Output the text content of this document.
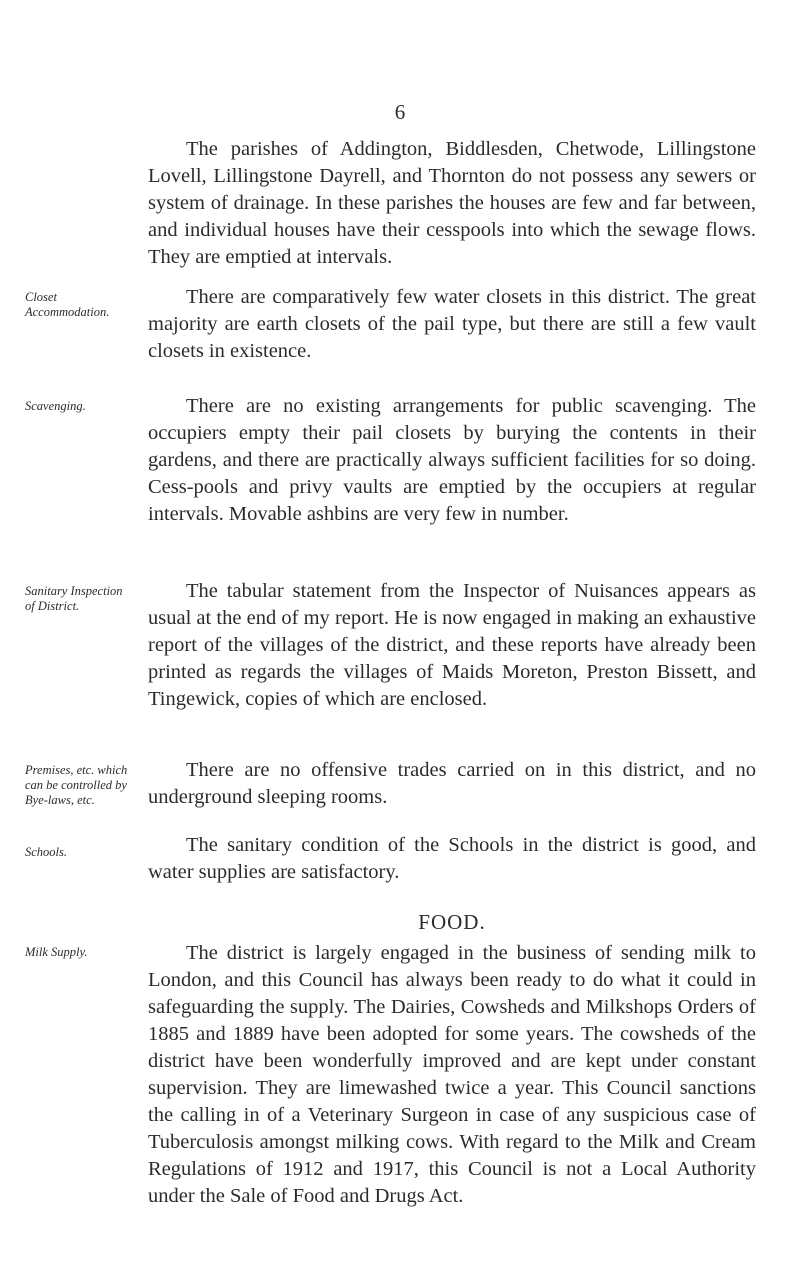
6

The parishes of Addington, Biddlesden, Chetwode, Lillingstone Lovell, Lillingstone Dayrell, and Thornton do not possess any sewers or system of drainage. In these parishes the houses are few and far between, and individual houses have their cesspools into which the sewage flows. They are emptied at intervals.

Closet Accommodation.

There are comparatively few water closets in this district. The great majority are earth closets of the pail type, but there are still a few vault closets in existence.

Scavenging.	There are no existing arrangements for public scavenging. The occupiers empty their pail closets by burying the contents in their gardens, and there are practically always sufficient facilities for so doing. Cess-pools and privy vaults are emptied by the occupiers at regular intervals. Movable ashbins are very few in number.

Sanitary Inspection of District.

The tabular statement from the Inspector of Nuisances appears as usual at the end of my report. He is now engaged in making an exhaustive report of the villages of the district, and these reports have already been printed as regards the villages of Maids Moreton, Preston Bissett, and Tingewick, copies of which are enclosed.

Premises, etc. which can be controlled by Bye-laws, etc.

There are no offensive trades carried on in this district, and no underground sleeping rooms.

Schools.	The sanitary condition of the Schools in the district is good, and water supplies are satisfactory.

FOOD.
Milk Supply.	The district is largely engaged in the business of sending milk to London, and this Council has always been ready to do what it could in safeguarding the supply. The Dairies, Cowsheds and Milkshops Orders of 1885 and 1889 have been adopted for some years. The cowsheds of the district have been wonderfully improved and are kept under constant supervision. They are limewashed twice a year. This Council sanctions the calling in of a Veterinary Surgeon in case of any suspicious case of Tuberculosis amongst milking cows. With regard to the Milk and Cream Regulations of 1912 and 1917, this Council is not a Local Authority under the Sale of Food and Drugs Act.
